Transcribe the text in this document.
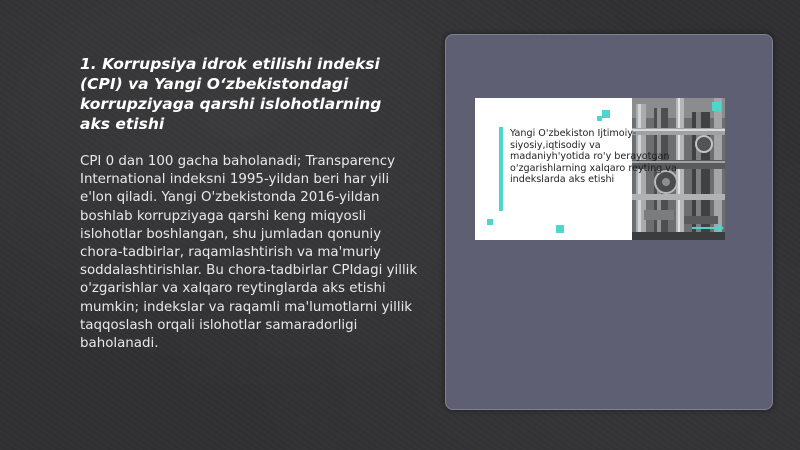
1. Korrupsiya idrok etilishi indeksi (CPI) va Yangi O‘zbekistondagi korrupziyaga qarshi islohotlarning aks etishi

CPI 0 dan 100 gacha baholanadi; Transparency International indeksni 1995-yildan beri har yili e'lon qiladi. Yangi O'zbekistonda 2016-yildan boshlab korrupziyaga qarshi keng miqyosli islohotlar boshlangan, shu jumladan qonuniy chora-tadbirlar, raqamlashtirish va ma'muriy soddalashtirishlar. Bu chora-tadbirlar CPIdagi yillik o'zgarishlar va xalqaro reytinglarda aks etishi mumkin; indekslar va raqamli ma'lumotlarni yillik taqqoslash orqali islohotlar samaradorligi baholanadi.

Yangi O'zbekiston Ijtimoiy-siyosiy,iqtisodiy va madaniyh'yotida ro'y berayotgan o'zgarishlarning xalqaro reyting va indekslarda aks etishi
